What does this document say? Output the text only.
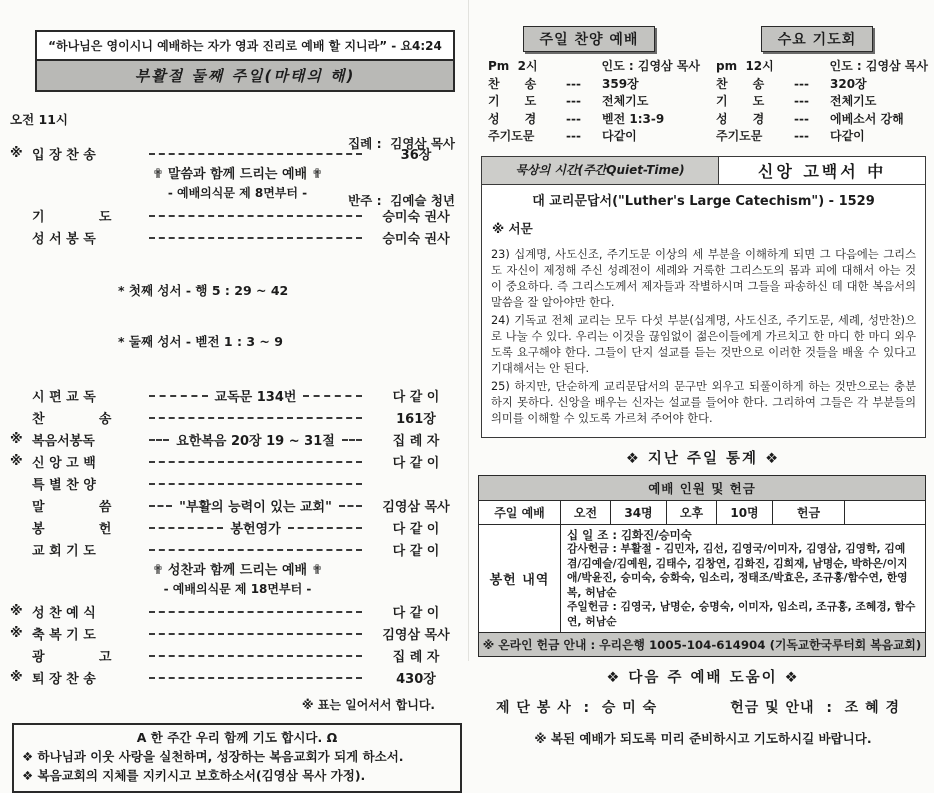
“하나님은 영이시니 예배하는 자가 영과 진리로 예배 할 지니라” - 요4:24
부활절 둘째 주일(마태의 해)
오전 11시

집례 :  김영삼 목사

반주 :  김예슬 청년

※ 입 장 찬 송	36장
✟ 말씀과 함께 드리는 예배 ✟
- 예배의식문 제 8면부터 -
기            도	승미숙 권사
성 서 봉 독	승미숙 권사

* 첫째 성서 - 행 5 : 29 ~ 42

* 둘째 성서 - 벧전 1 : 3 ~ 9

시 편 교 독	교독문 134번	다 같 이
찬            송	161장
※ 복음서봉독	요한복음 20장 19 ~ 31절	집 례 자
※ 신 앙 고 백	다 같 이
특 별 찬 양
말            씀	"부활의 능력이 있는 교회"	김영삼 목사
봉            헌	봉헌영가	다 같 이
교 회 기 도	다 같 이
✟ 성찬과 함께 드리는 예배 ✟
- 예배의식문 제 18면부터 -
※ 성 찬 예 식	다 같 이
※ 축 복 기 도	김영삼 목사
광            고	집 례 자
※ 퇴 장 찬 송	430장
※ 표는 일어서서 합니다.
Α 한 주간 우리 함께 기도 합시다. Ω
❖ 하나님과 이웃 사랑을 실천하며, 성장하는 복음교회가 되게 하소서.
❖ 복음교회의 지체를 지키시고 보호하소서(김영삼 목사 가정).
주일 찬양 예배
Pm  2시	인도 : 김영삼 목사
찬      송	---	359장
기      도	---	전체기도
성      경	---	벧전 1:3-9
주기도문	---	다같이
수요 기도회
pm  12시	인도 : 김영삼 목사
찬      송	---	320장
기      도	---	전체기도
성      경	---	에베소서 강해
주기도문	---	다같이
묵상의 시간(주간Quiet-Time)	신앙 고백서 中
대 교리문답서("Luther's Large Catechism") - 1529
※ 서문

23) 십계명, 사도신조, 주기도문 이상의 세 부분을 이해하게 되면 그 다음에는 그리스도 자신이 제정해 주신 성례전이 세례와 거룩한 그리스도의 몸과 피에 대해서 아는 것이 중요하다. 즉 그리스도께서 제자들과 작별하시며 그들을 파송하신 데 대한 복음서의 말씀을 잘 알아야만 한다.

24) 기독교 전체 교리는 모두 다섯 부분(십계명, 사도신조, 주기도문, 세례, 성만찬)으로 나눌 수 있다. 우리는 이것을 끊임없이 젊은이들에게 가르치고 한 마디 한 마디 외우도록 요구해야 한다. 그들이 단지 설교를 듣는 것만으로 이러한 것들을 배울 수 있다고 기대해서는 안 된다.

25) 하지만, 단순하게 교리문답서의 문구만 외우고 되풀이하게 하는 것만으로는 충분하지 못하다. 신앙을 배우는 신자는 설교를 들어야 한다. 그리하여 그들은 각 부분들의 의미를 이해할 수 있도록 가르쳐 주어야 한다.

❖ 지난 주일 통계 ❖
예배 인원 및 헌금						
주일 예배	오전	34명	오후	10명	헌금	
봉헌 내역	십 일 조 : 김화진/승미숙
감사헌금 : 부활절 - 김민자, 김선, 김영국/이미자, 김영삼, 김영학, 김예겸/김예슬/김예원, 김태수, 김창연, 김화진, 김희재, 남명순, 박하은/이지애/박윤진, 승미숙, 승화숙, 임소리, 정태조/박효은, 조규홍/함수연, 한영복, 허남순
주일헌금 : 김영국, 남명순, 승명숙, 이미자, 임소리, 조규홍, 조혜경, 함수연, 허남순					

※ 온라인 헌금 안내 : 우리은행 1005-104-614904 (기독교한국루터회 복음교회)						
❖ 다음 주 예배 도움이 ❖
제 단 봉 사  :  승 미 숙	헌금 및 안내  :  조 혜 경
※ 복된 예배가 되도록 미리 준비하시고 기도하시길 바랍니다.
